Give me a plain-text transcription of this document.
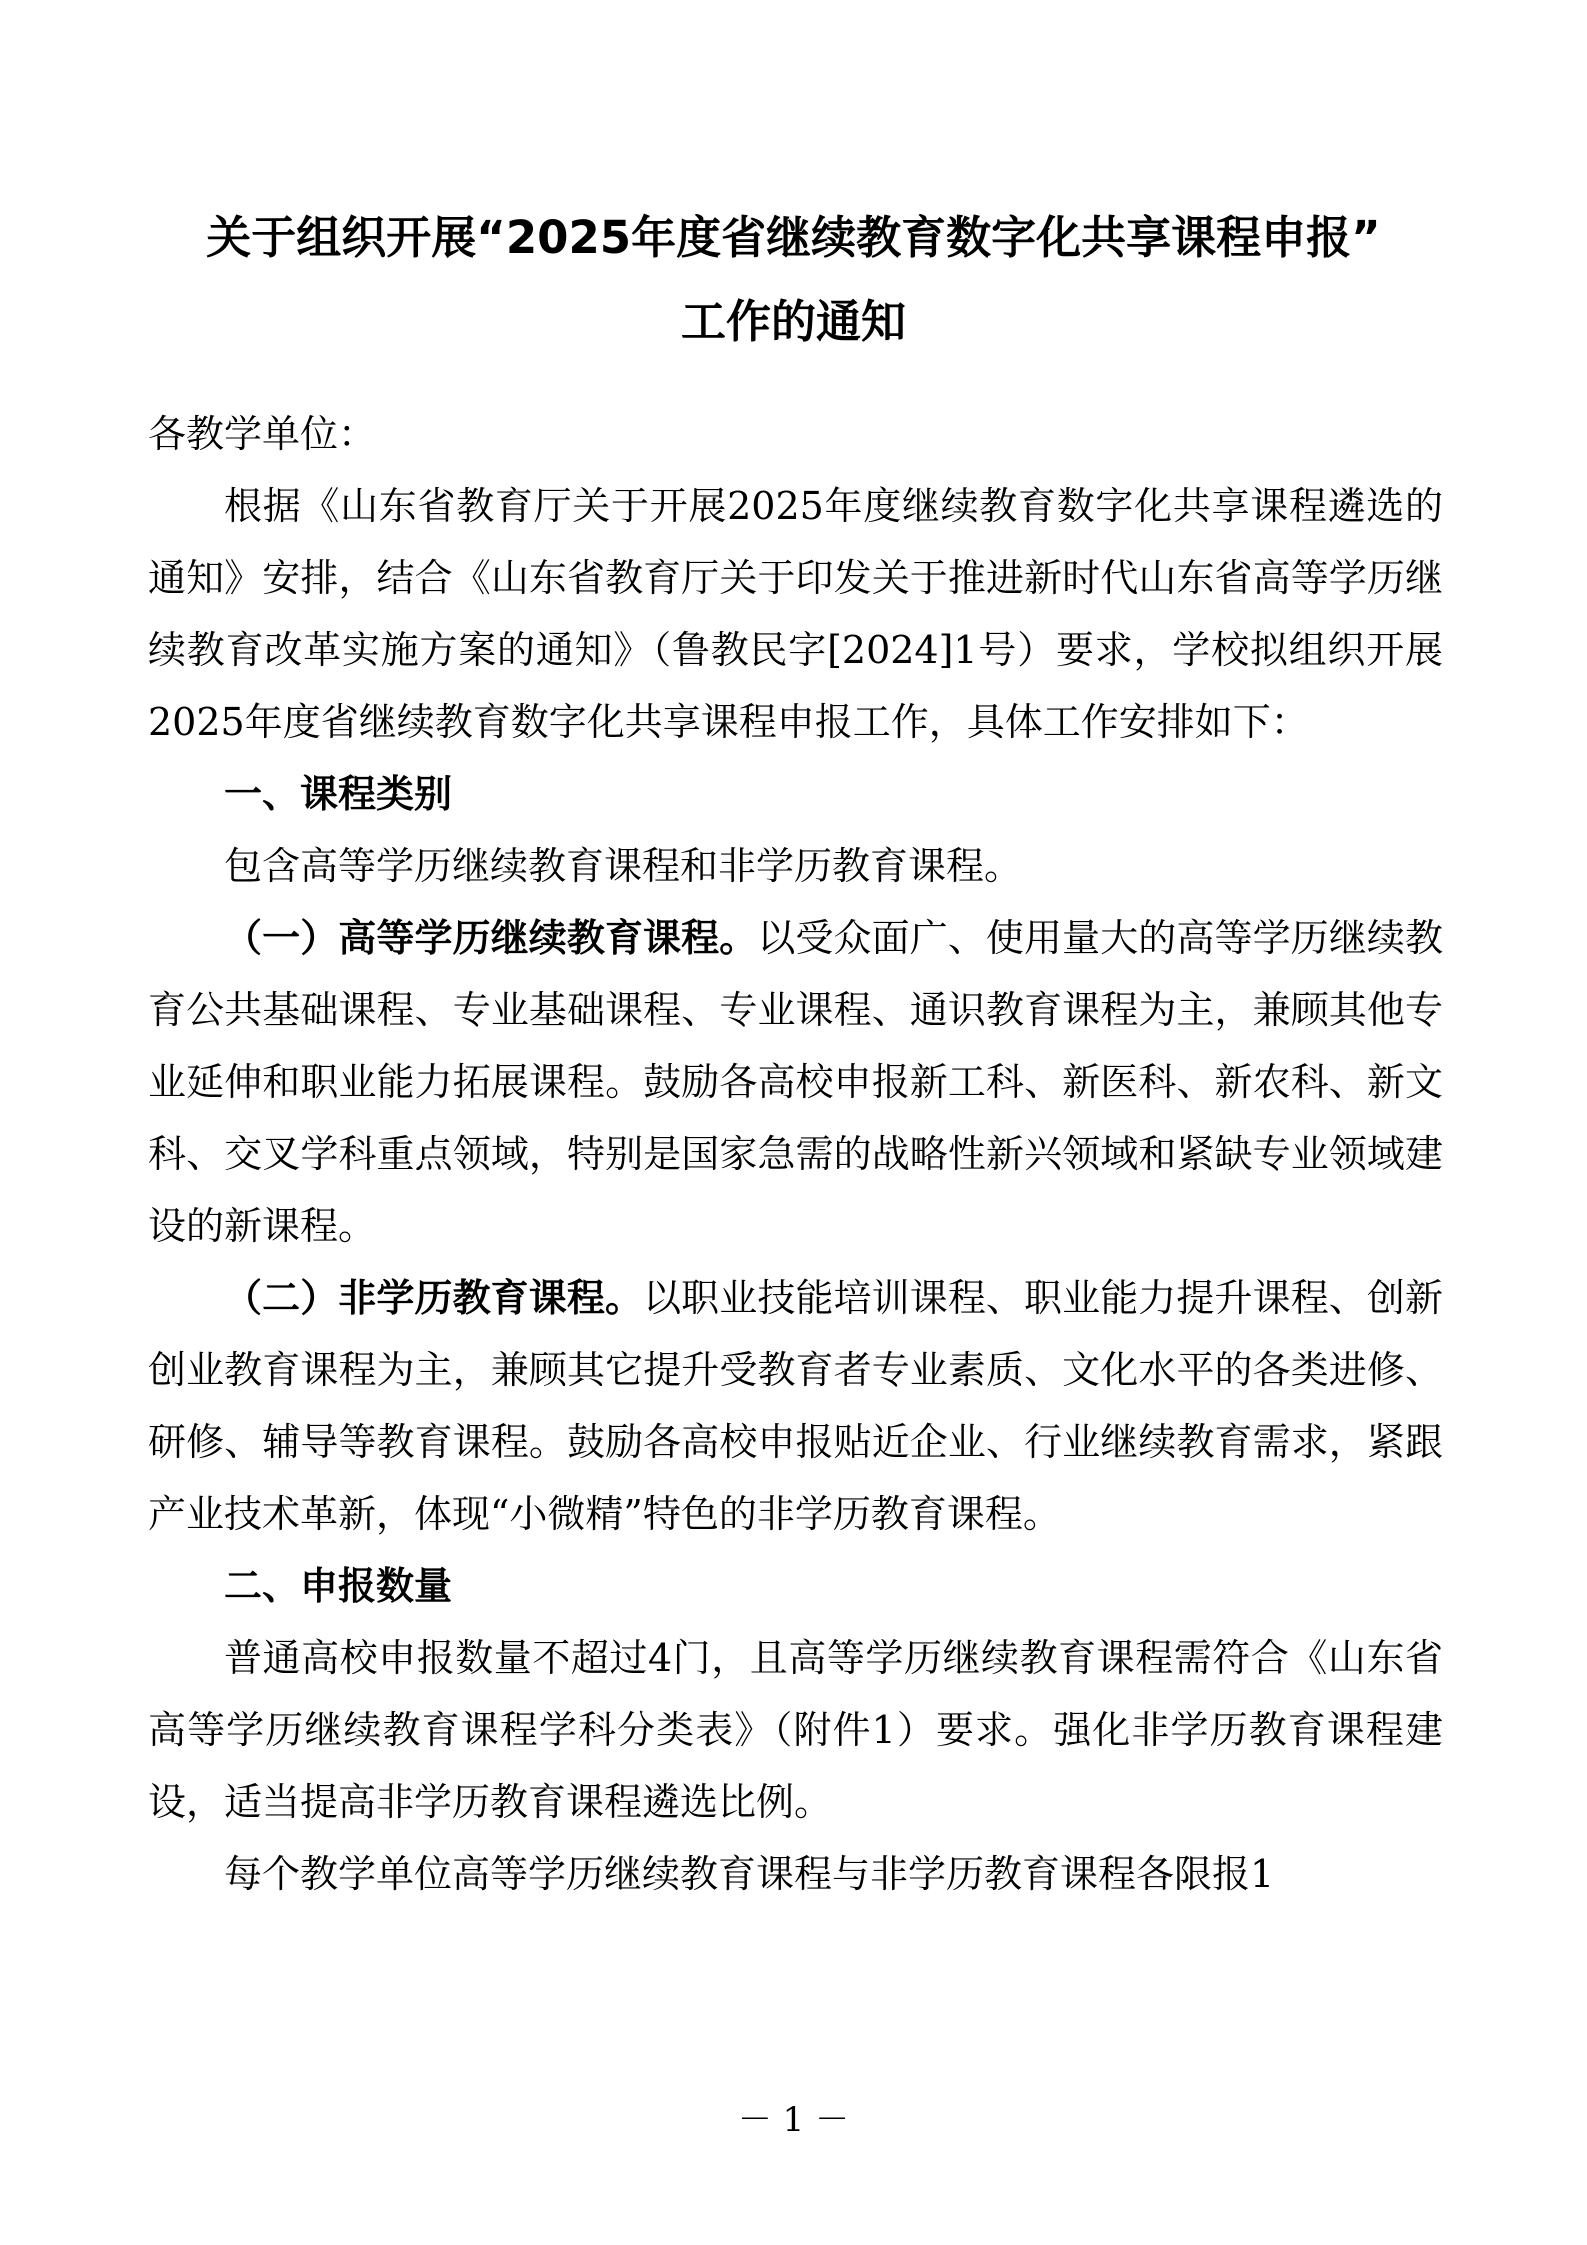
关于组织开展“2025年度省继续教育数字化共享课程申报”
工作的通知

各教学单位：

根据《山东省教育厅关于开展2025年度继续教育数字化共享课程遴选的通知》安排，结合《山东省教育厅关于印发关于推进新时代山东省高等学历继续教育改革实施方案的通知》（鲁教民字[2024]1号）要求，学校拟组织开展2025年度省继续教育数字化共享课程申报工作，具体工作安排如下：

一、课程类别

包含高等学历继续教育课程和非学历教育课程。

（一）高等学历继续教育课程。以受众面广、使用量大的高等学历继续教育公共基础课程、专业基础课程、专业课程、通识教育课程为主，兼顾其他专业延伸和职业能力拓展课程。鼓励各高校申报新工科、新医科、新农科、新文科、交叉学科重点领域，特别是国家急需的战略性新兴领域和紧缺专业领域建设的新课程。

（二）非学历教育课程。以职业技能培训课程、职业能力提升课程、创新创业教育课程为主，兼顾其它提升受教育者专业素质、文化水平的各类进修、研修、辅导等教育课程。鼓励各高校申报贴近企业、行业继续教育需求，紧跟产业技术革新，体现“小微精”特色的非学历教育课程。

二、申报数量

普通高校申报数量不超过4门，且高等学历继续教育课程需符合《山东省高等学历继续教育课程学科分类表》（附件1）要求。强化非学历教育课程建设，适当提高非学历教育课程遴选比例。

每个教学单位高等学历继续教育课程与非学历教育课程各限报1

－ 1 －
